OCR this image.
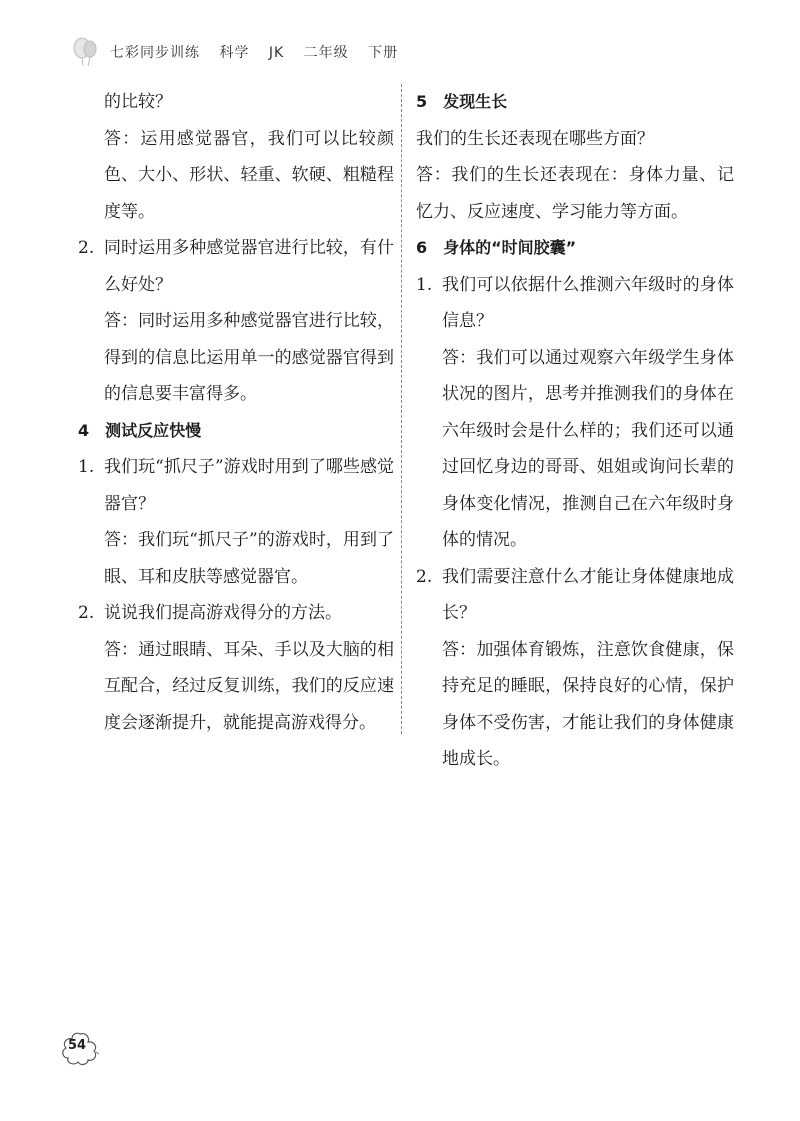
七彩同步训练 科学 JK 二年级 下册

的比较？

答：运用感觉器官，我们可以比较颜色、大小、形状、轻重、软硬、粗糙程度等。

2. 同时运用多种感觉器官进行比较，有什么好处？

答：同时运用多种感觉器官进行比较，得到的信息比运用单一的感觉器官得到的信息要丰富得多。

4 测试反应快慢

1. 我们玩“抓尺子”游戏时用到了哪些感觉器官？

答：我们玩“抓尺子”的游戏时，用到了眼、耳和皮肤等感觉器官。

2. 说说我们提高游戏得分的方法。

答：通过眼睛、耳朵、手以及大脑的相互配合，经过反复训练，我们的反应速度会逐渐提升，就能提高游戏得分。

5 发现生长

我们的生长还表现在哪些方面？

答：我们的生长还表现在：身体力量、记忆力、反应速度、学习能力等方面。

6 身体的“时间胶囊”

1. 我们可以依据什么推测六年级时的身体信息？

答：我们可以通过观察六年级学生身体状况的图片，思考并推测我们的身体在六年级时会是什么样的；我们还可以通过回忆身边的哥哥、姐姐或询问长辈的身体变化情况，推测自己在六年级时身体的情况。

2. 我们需要注意什么才能让身体健康地成长？

答：加强体育锻炼，注意饮食健康，保持充足的睡眠，保持良好的心情，保护身体不受伤害，才能让我们的身体健康地成长。

54
